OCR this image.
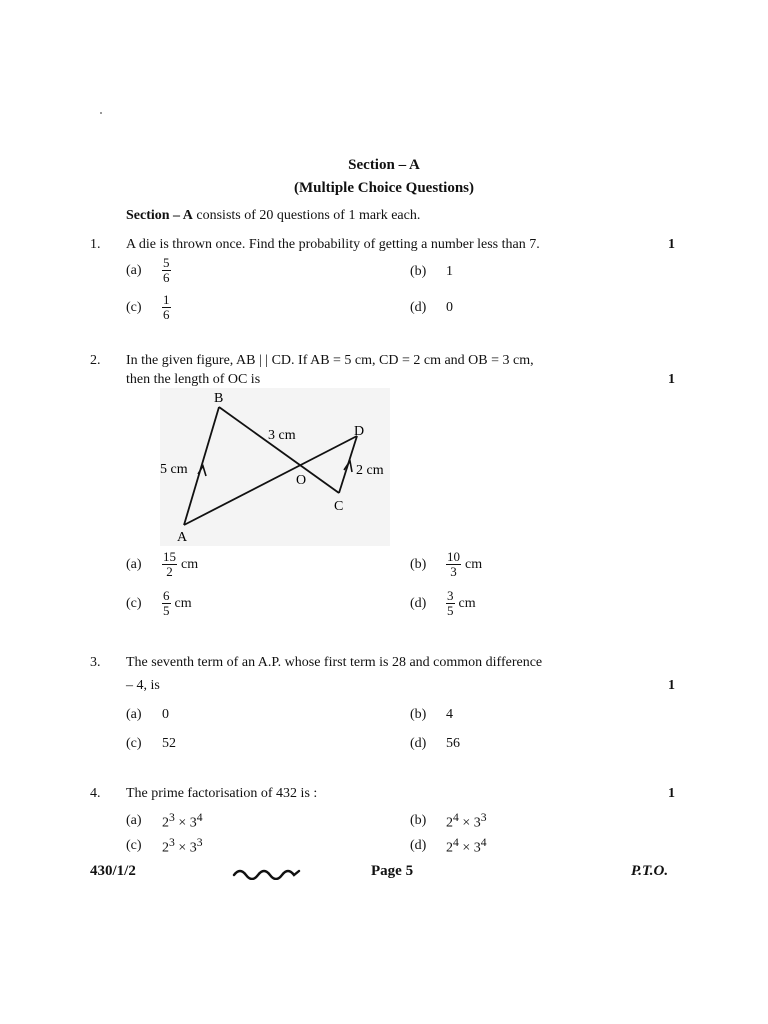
Section – A
(Multiple Choice Questions)
Section – A consists of 20 questions of 1 mark each.
1. A die is thrown once. Find the probability of getting a number less than 7.	1
(a)	$\frac{5}{6}$	(b)	1
(c)	$\frac{1}{6}$	(d)	0
2. In the given figure, AB | | CD. If AB = 5 cm, CD = 2 cm and OB = 3 cm,
then the length of OC is	1
B
A
D
C
O
3 cm
5 cm	2 cm
(a)	$\frac{15}{2}$ cm	(b)	$\frac{10}{3}$ cm
(c)	$\frac{6}{5}$ cm	(d)	$\frac{3}{5}$ cm
3. The seventh term of an A.P. whose first term is 28 and common difference
– 4, is	1
(a)	0	(b)	4
(c)	52	(d)	56
4. The prime factorisation of 432 is :	1
(a)	$2^3 \times 3^4$	(b)	$2^4 \times 3^3$
(c)	$2^3 \times 3^3$	(d)	$2^4 \times 3^4$
430/1/2	Page 5	P.T.O.
